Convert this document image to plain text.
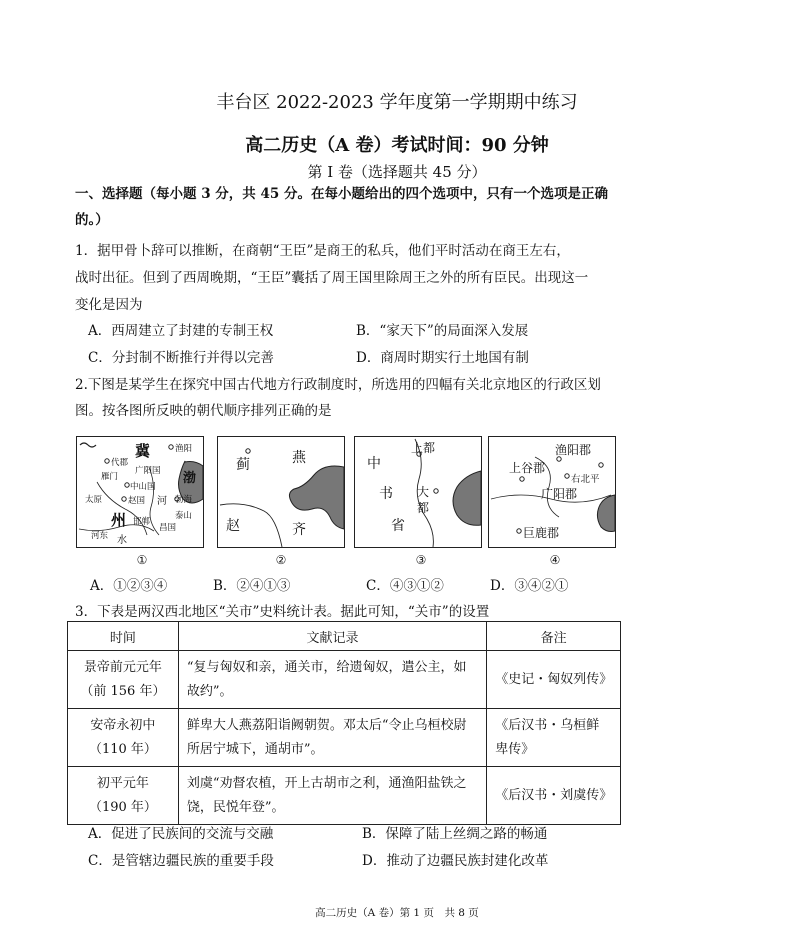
丰台区 2022-2023 学年度第一学期期中练习
高二历史（A 卷）考试时间：90 分钟
第 I 卷（选择题共 45 分）
一、选择题（每小题 3 分，共 45 分。在每小题给出的四个选项中，只有一个选项是正确
的。）
1．据甲骨卜辞可以推断，在商朝“王臣”是商王的私兵，他们平时活动在商王左右，
战时出征。但到了西周晚期，“王臣”囊括了周王国里除周王之外的所有臣民。出现这一
变化是因为
A．西周建立了封建的专制王权	B．“家天下”的局面深入发展
C．分封制不断推行并得以完善	D．商周时期实行土地国有制
2.下图是某学生在探究中国古代地方行政制度时，所选用的四幅有关北京地区的行政区划
图。按各图所反映的朝代顺序排列正确的是
冀
州
渤
渔阳
代郡
雁门
广阳国
中山国
太原	赵国 河 勃海
泰山
邯郸
河东 水
昌国
①
蓟	燕
赵	齐
②
上都
中
书
省
大
都
③
渔阳郡
上谷郡
右北平
广阳郡
巨鹿郡
④
A．①②③④	B．②④①③	C．④③①②	D．③④②①
3．下表是两汉西北地区“关市”史料统计表。据此可知，“关市”的设置
时间	文献记录	备注

景帝前元元年
（前 156 年）	“复与匈奴和亲，通关市，给遗匈奴，遣公主，如故约”。	《史记・匈奴列传》

安帝永初中
（110 年）	鲜卑大人燕荔阳诣阙朝贺。邓太后“令止乌桓校尉所居宁城下，通胡市”。	《后汉书・乌桓鲜卑传》

初平元年
（190 年）	刘虞“劝督农植，开上古胡市之利，通渔阳盐铁之饶，民悦年登”。	《后汉书・刘虞传》
A．促进了民族间的交流与交融	B．保障了陆上丝绸之路的畅通
C．是管辖边疆民族的重要手段	D．推动了边疆民族封建化改革
高二历史（A 卷）第 1 页　共 8 页
